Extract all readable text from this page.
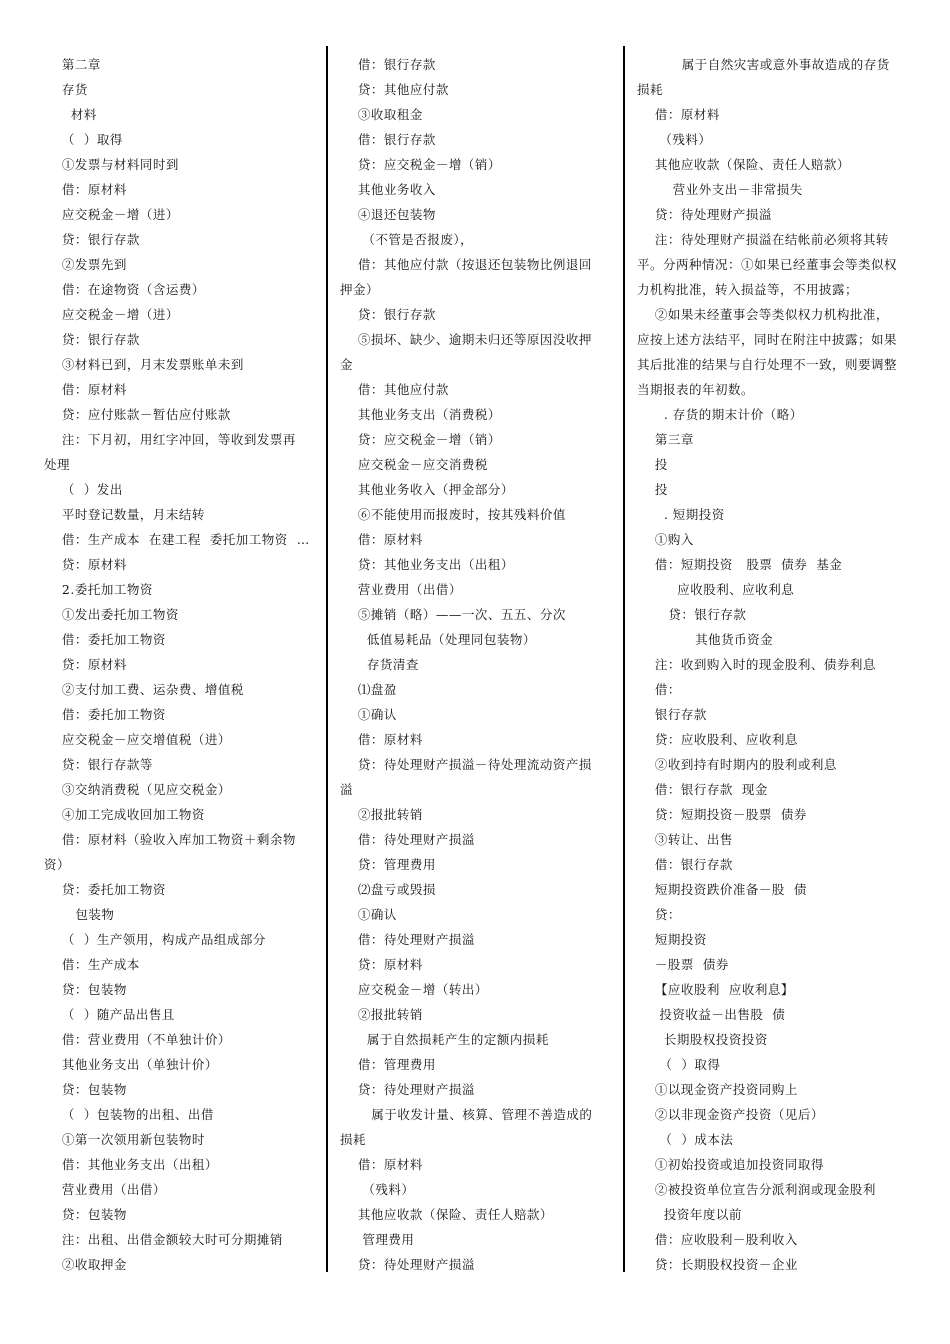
第二章
存货
材料
（  ）取得
①发票与材料同时到
借：原材料
应交税金－增（进）
贷：银行存款
②发票先到
借：在途物资（含运费）
应交税金－增（进）
贷：银行存款
③材料已到，月末发票账单未到
借：原材料
贷：应付账款－暂估应付账款
注：下月初，用红字冲回，等收到发票再
处理
（  ）发出
平时登记数量，月末结转
借：生产成本  在建工程  委托加工物资  …
贷：原材料
2.委托加工物资
①发出委托加工物资
借：委托加工物资
贷：原材料
②支付加工费、运杂费、增值税
借：委托加工物资
应交税金－应交增值税（进）
贷：银行存款等
③交纳消费税（见应交税金）
④加工完成收回加工物资
借：原材料（验收入库加工物资＋剩余物
资）
贷：委托加工物资
包装物
（  ）生产领用，构成产品组成部分
借：生产成本
贷：包装物
（  ）随产品出售且
借：营业费用（不单独计价）
其他业务支出（单独计价）
贷：包装物
（  ）包装物的出租、出借
①第一次领用新包装物时
借：其他业务支出（出租）
营业费用（出借）
贷：包装物
注：出租、出借金额较大时可分期摊销
②收取押金
借：银行存款
贷：其他应付款
③收取租金
借：银行存款
贷：应交税金－增（销）
其他业务收入
④退还包装物
（不管是否报废），
借：其他应付款（按退还包装物比例退回
押金）
贷：银行存款
⑤损坏、缺少、逾期未归还等原因没收押
金
借：其他应付款
其他业务支出（消费税）
贷：应交税金－增（销）
应交税金－应交消费税
其他业务收入（押金部分）
⑥不能使用而报废时，按其残料价值
借：原材料
贷：其他业务支出（出租）
营业费用（出借）
⑤摊销（略）——一次、五五、分次
低值易耗品（处理同包装物）
存货清查
⑴盘盈
①确认
借：原材料
贷：待处理财产损溢－待处理流动资产损
溢
②报批转销
借：待处理财产损溢
贷：管理费用
⑵盘亏或毁损
①确认
借：待处理财产损溢
贷：原材料
应交税金－增（转出）
②报批转销
属于自然损耗产生的定额内损耗
借：管理费用
贷：待处理财产损溢
属于收发计量、核算、管理不善造成的
损耗
借：原材料
（残料）
其他应收款（保险、责任人赔款）
管理费用
贷：待处理财产损溢
属于自然灾害或意外事故造成的存货
损耗
借：原材料
（残料）
其他应收款（保险、责任人赔款）
营业外支出－非常损失
贷：待处理财产损溢
注：待处理财产损溢在结帐前必须将其转
平。分两种情况：①如果已经董事会等类似权
力机构批准，转入损益等，不用披露；
②如果未经董事会等类似权力机构批准，
应按上述方法结平，同时在附注中披露；如果
其后批准的结果与自行处理不一致，则要调整
当期报表的年初数。
. 存货的期末计价（略）
第三章
投
投
. 短期投资
①购入
借：短期投资   股票  债券  基金
应收股利、应收利息
贷：银行存款
其他货币资金
注：收到购入时的现金股利、债券利息
借：
银行存款
贷：应收股利、应收利息
②收到持有时期内的股利或利息
借：银行存款  现金
贷：短期投资－股票  债券
③转让、出售
借：银行存款
短期投资跌价准备－股  债
贷：
短期投资
－股票  债券
【应收股利  应收利息】
投资收益－出售股  债
长期股权投资投资
（  ）取得
①以现金资产投资同购上
②以非现金资产投资（见后）
（  ）成本法
①初始投资或追加投资同取得
②被投资单位宣告分派利润或现金股利
投资年度以前
借：应收股利－股利收入
贷：长期股权投资－企业
